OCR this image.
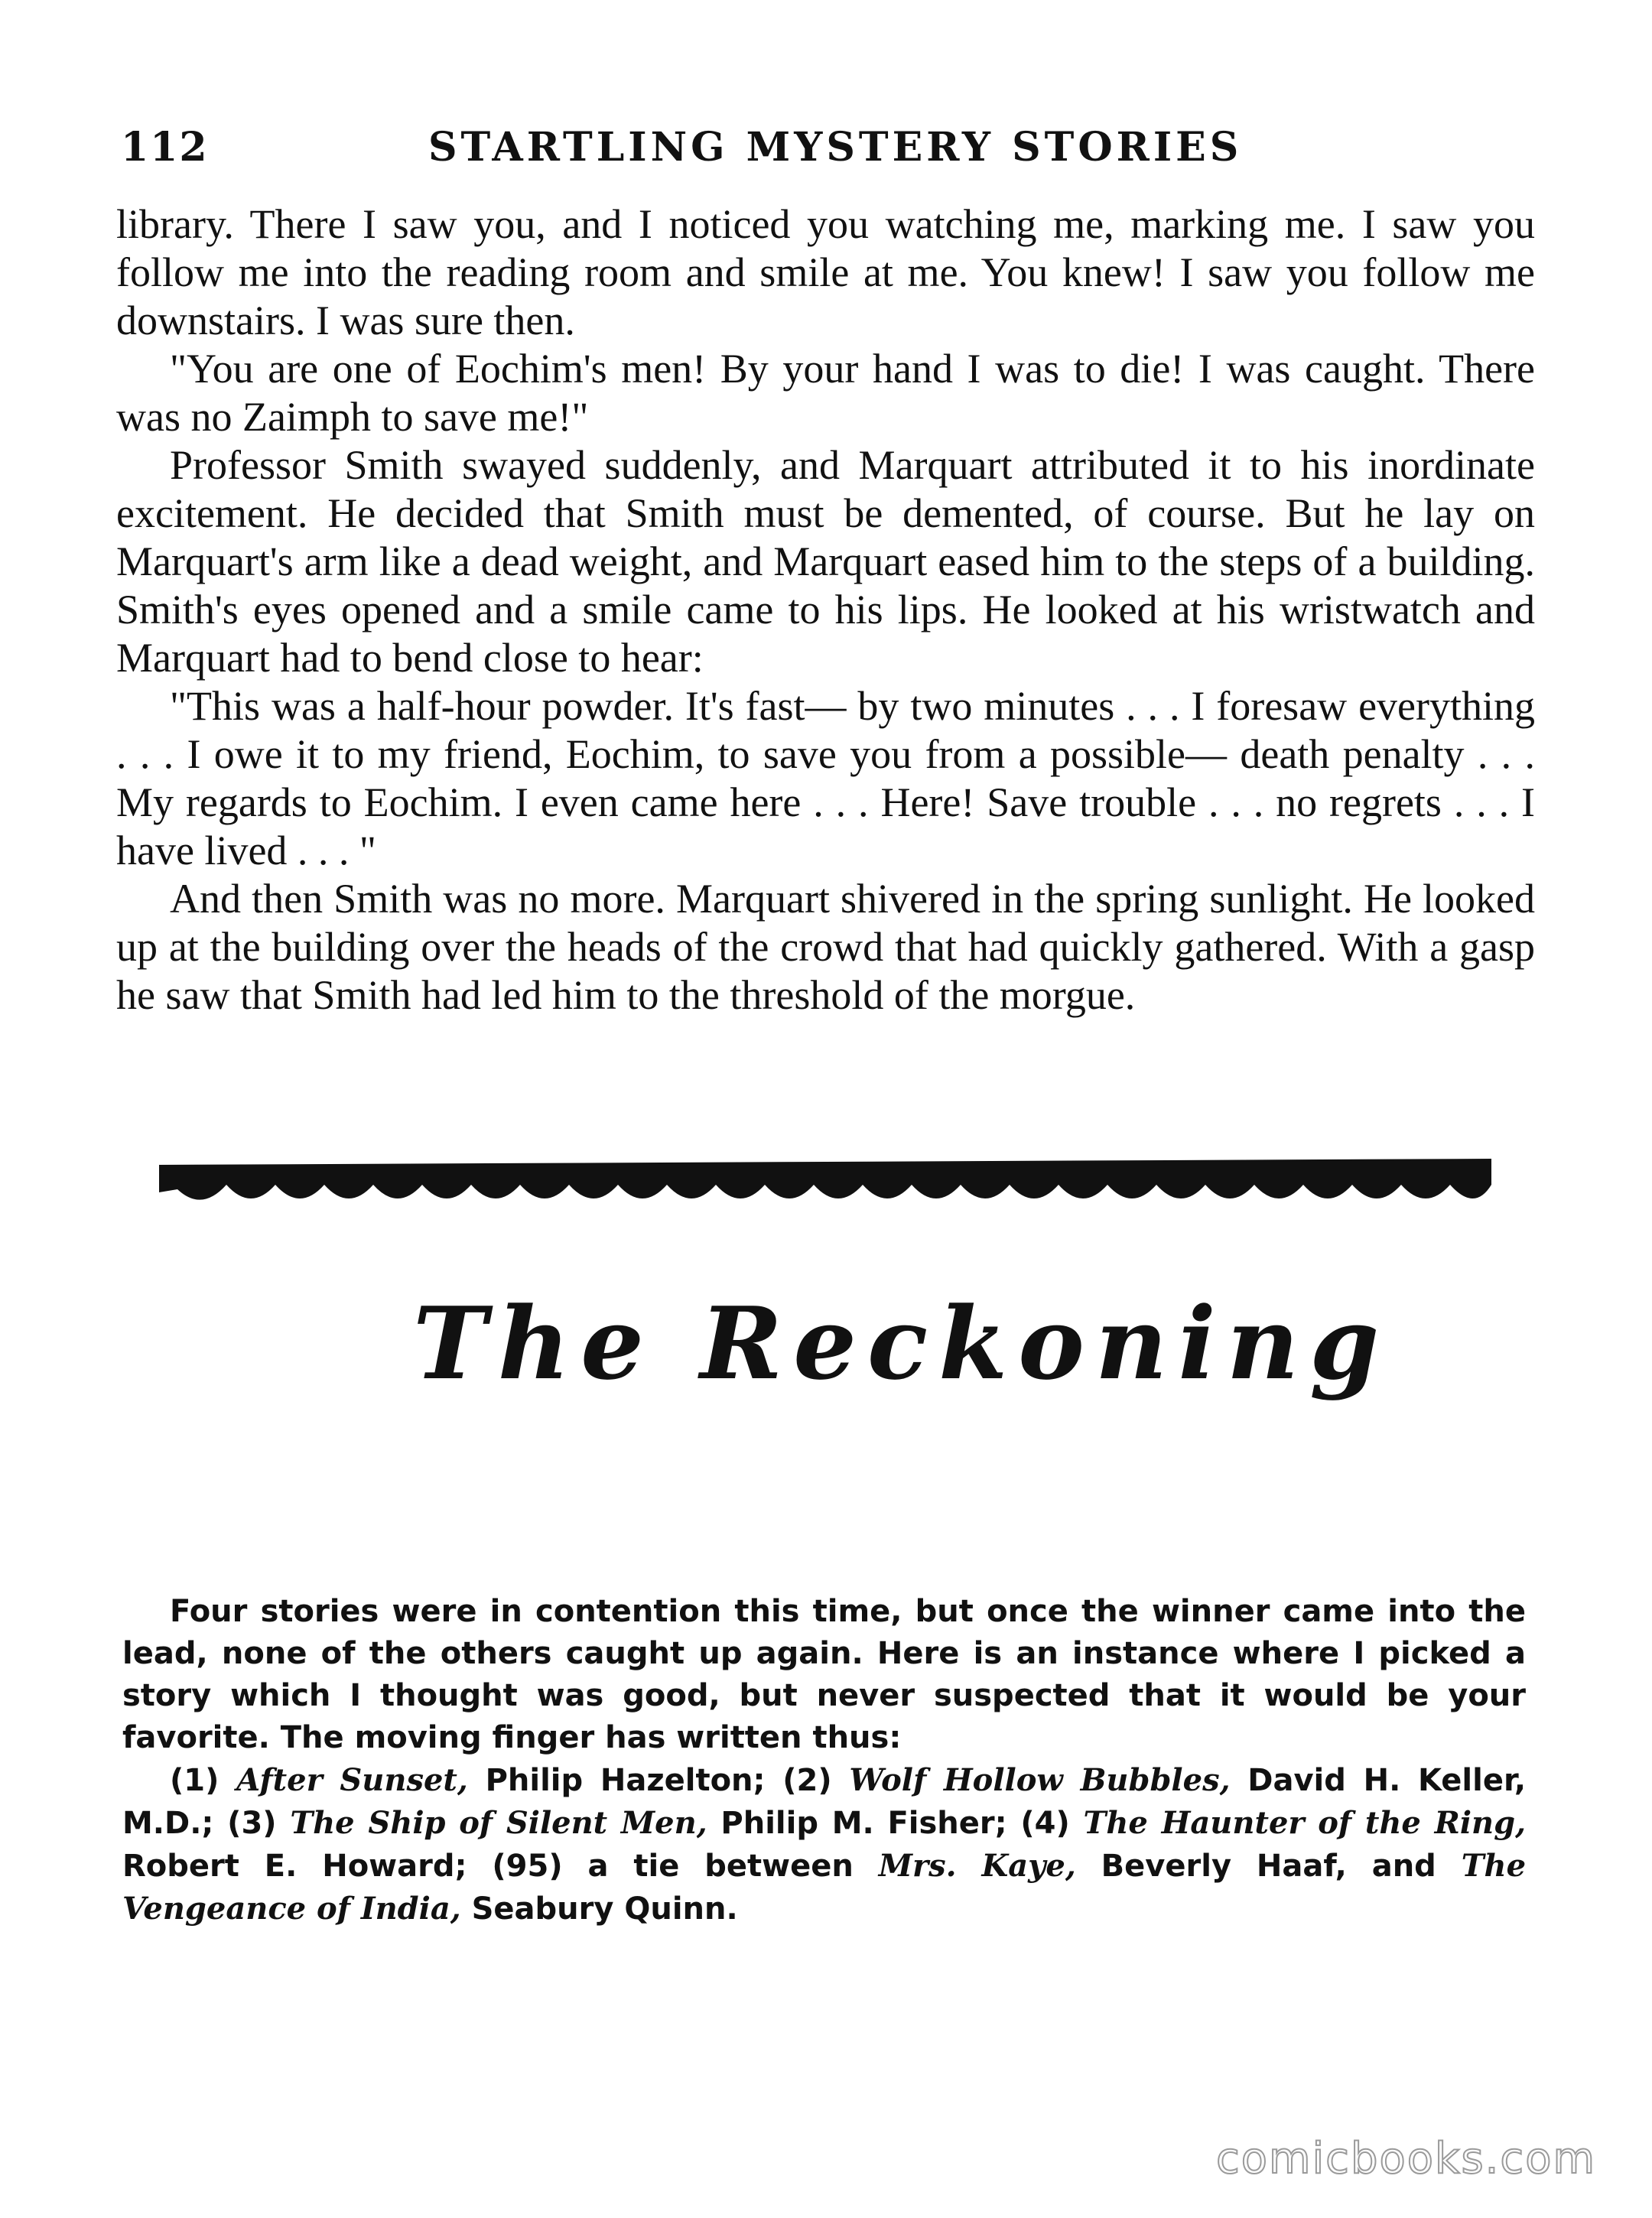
112	STARTLING MYSTERY STORIES

library. There I saw you, and I noticed you watching me, marking me. I saw you follow me into the reading room and smile at me. You knew! I saw you follow me downstairs. I was sure then.

"You are one of Eochim's men! By your hand I was to die! I was caught. There was no Zaimph to save me!"

Professor Smith swayed suddenly, and Marquart attributed it to his inordinate excitement. He decided that Smith must be demented, of course. But he lay on Marquart's arm like a dead weight, and Marquart eased him to the steps of a building. Smith's eyes opened and a smile came to his lips. He looked at his wristwatch and Marquart had to bend close to hear:

"This was a half-hour powder. It's fast— by two minutes . . . I foresaw everything . . . I owe it to my friend, Eochim, to save you from a possible— death penalty . . . My regards to Eochim. I even came here . . . Here! Save trouble . . . no regrets . . . I have lived . . . "

And then Smith was no more. Marquart shivered in the spring sunlight. He looked up at the building over the heads of the crowd that had quickly gathered. With a gasp he saw that Smith had led him to the threshold of the morgue.

The Reckoning

Four stories were in contention this time, but once the winner came into the lead, none of the others caught up again. Here is an instance where I picked a story which I thought was good, but never suspected that it would be your favorite. The moving finger has written thus:

(1) After Sunset, Philip Hazelton; (2) Wolf Hollow Bubbles, David H. Keller, M.D.; (3) The Ship of Silent Men, Philip M. Fisher; (4) The Haunter of the Ring, Robert E. Howard; (95) a tie between Mrs. Kaye, Beverly Haaf, and The Vengeance of India, Seabury Quinn.

comicbooks.com
